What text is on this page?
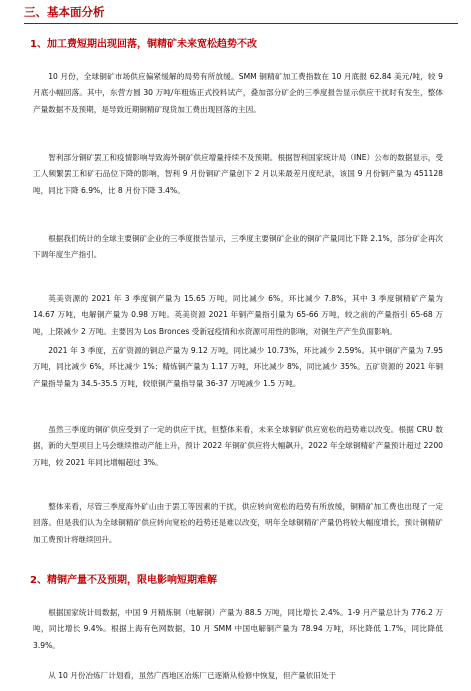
三、基本面分析
1、加工费短期出现回落，铜精矿未来宽松趋势不改

10 月份，全球铜矿市场供应偏紧缓解的局势有所放缓。SMM 铜精矿加工费指数在 10 月底报 62.84 美元/吨，较 9 月底小幅回落。其中，东营方圆 30 万吨/年粗炼正式投料试产，叠加部分矿企的三季度报告显示供应干扰时有发生，整体产量数据不及预期，是导致近期铜精矿现货加工费出现回落的主因。

智利部分铜矿罢工和疫情影响导致海外铜矿供应增量持续不及预期。根据智利国家统计局（INE）公布的数据显示，受工人频繁罢工和矿石品位下降的影响，智利 9 月份铜矿产量创下 2 月以来最差月度纪录，该国 9 月份铜产量为 451128 吨，同比下降 6.9%，比 8 月份下降 3.4%。

根据我们统计的全球主要铜矿企业的三季度报告显示，三季度主要铜矿企业的铜矿产量同比下降 2.1%，部分矿企再次下调年度生产指引。

英美资源的 2021 年 3 季度铜产量为 15.65 万吨，同比减少 6%，环比减少 7.8%，其中 3 季度铜精矿产量为 14.67 万吨，电解铜产量为 0.98 万吨。英美资源 2021 年铜产量指引量为 65-66 万吨，较之前的产量指引 65-68 万吨，上限减少 2 万吨。主要因为 Los Bronces 受新冠疫情和水资源可用性的影响，对铜生产产生负面影响。

2021 年 3 季度，五矿资源的铜总产量为 9.12 万吨，同比减少 10.73%，环比减少 2.59%。其中铜矿产量为 7.95 万吨，同比减少 6%，环比减少 1%；精炼铜产量为 1.17 万吨，环比减少 8%，同比减少 35%。五矿资源的 2021 年铜产量指导量为 34.5-35.5 万吨，较原铜产量指导量 36-37 万吨减少 1.5 万吨。

虽然三季度的铜矿供应受到了一定的供应干扰，但整体来看，未来全球铜矿供应宽松的趋势难以改变。根据 CRU 数据，新的大型项目上马会继续推动产能上升，预计 2022 年铜矿供应将大幅飙升，2022 年全球铜精矿产量预计超过 2200 万吨，较 2021 年同比增幅超过 3%。

整体来看，尽管三季度海外矿山由于罢工等因素的干扰，供应转向宽松的趋势有所放缓，铜精矿加工费也出现了一定回落。但是我们认为全球铜精矿供应转向宽松的趋势还是难以改变，明年全球铜精矿产量仍将较大幅度增长，预计铜精矿加工费预计将继续回升。

2、精铜产量不及预期，限电影响短期难解

根据国家统计局数据，中国 9 月精炼铜（电解铜）产量为 88.5 万吨，同比增长 2.4%。1-9 月产量总计为 776.2 万吨，同比增长 9.4%。根据上海有色网数据，10 月 SMM 中国电解铜产量为 78.94 万吨，环比降低 1.7%，同比降低 3.9%。

从 10 月份冶炼厂计划看，虽然广西地区冶炼厂已逐渐从检修中恢复，但产量依旧处于
